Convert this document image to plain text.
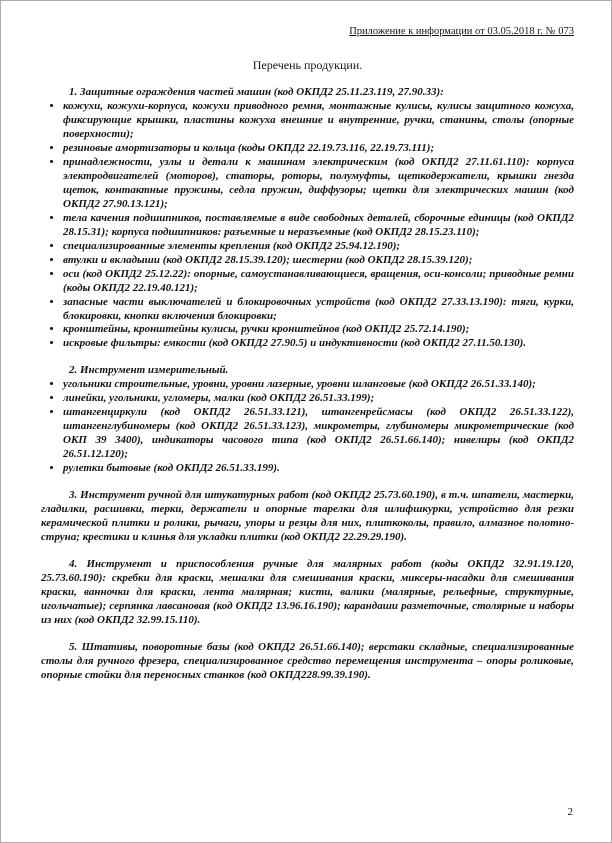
Приложение к информации от 03.05.2018 г. № 073
Перечень продукции.

1. Защитные ограждения частей машин (код ОКПД2 25.11.23.119, 27.90.33):

• кожухи, кожухи-корпуса, кожухи приводного ремня, монтажные кулисы, кулисы защитного кожуха, фиксирующие крышки, пластины кожуха внешние и внутренние, ручки, станины, столы (опорные поверхности);
• резиновые амортизаторы и кольца (коды ОКПД2 22.19.73.116, 22.19.73.111);
• принадлежности, узлы и детали к машинам электрическим (код ОКПД2 27.11.61.110): корпуса электродвигателей (моторов), статоры, роторы, полумуфты, щеткодержатели, крышки гнезда щеток, контактные пружины, седла пружин, диффузоры; щетки для электрических машин (код ОКПД2 27.90.13.121);
• тела качения подшипников, поставляемые в виде свободных деталей, сборочные единицы (код ОКПД2 28.15.31); корпуса подшипников: разъемные и неразъемные (код ОКПД2 28.15.23.110);
• специализированные элементы крепления (код ОКПД2 25.94.12.190);
• втулки и вкладыши (код ОКПД2 28.15.39.120); шестерни (код ОКПД2 28.15.39.120);
• оси (код ОКПД2 25.12.22): опорные, самоустанавливающиеся, вращения, оси-консоли; приводные ремни (коды ОКПД2 22.19.40.121);
• запасные части выключателей и блокировочных устройств (код ОКПД2 27.33.13.190): тяги, курки, блокировки, кнопки включения блокировки;
• кронштейны, кронштейны кулисы, ручки кронштейнов (код ОКПД2 25.72.14.190);
• искровые фильтры: емкости (код ОКПД2 27.90.5) и индуктивности (код ОКПД2 27.11.50.130).

2. Инструмент измерительный.

• угольники строительные, уровни, уровни лазерные, уровни шланговые (код ОКПД2 26.51.33.140);
• линейки, угольники, угломеры, малки (код ОКПД2 26.51.33.199);
• штангенциркули (код ОКПД2 26.51.33.121), штангенрейсмасы (код ОКПД2 26.51.33.122), штангенглубиномеры (код ОКПД2 26.51.33.123), микрометры, глубиномеры микрометрические (код ОКП 39 3400), индикаторы часового типа (код ОКПД2 26.51.66.140); нивелиры (код ОКПД2 26.51.12.120);
• рулетки бытовые (код ОКПД2 26.51.33.199).

3. Инструмент ручной для штукатурных работ (код ОКПД2 25.73.60.190), в т.ч. шпатели, мастерки, гладилки, расшивки, терки, держатели и опорные тарелки для шлифшкурки, устройство для резки керамической плитки и ролики, рычаги, упоры и резцы для них, плиткоколы, правило, алмазное полотно-струна; крестики и клинья для укладки плитки (код ОКПД2 22.29.29.190).

4. Инструмент и приспособления ручные для малярных работ (коды ОКПД2 32.91.19.120, 25.73.60.190): скребки для краски, мешалки для смешивания краски, миксеры-насадки для смешивания краски, ванночки для краски, лента малярная; кисти, валики (малярные, рельефные, структурные, игольчатые); серпянка лавсановая (код ОКПД2 13.96.16.190); карандаши разметочные, столярные и наборы из них (код ОКПД2 32.99.15.110).

5. Штативы, поворотные базы (код ОКПД2 26.51.66.140); верстаки складные, специализированные столы для ручного фрезера, специализированное средство перемещения инструмента – опоры роликовые, опорные стойки для переносных станков (код ОКПД228.99.39.190).

2
